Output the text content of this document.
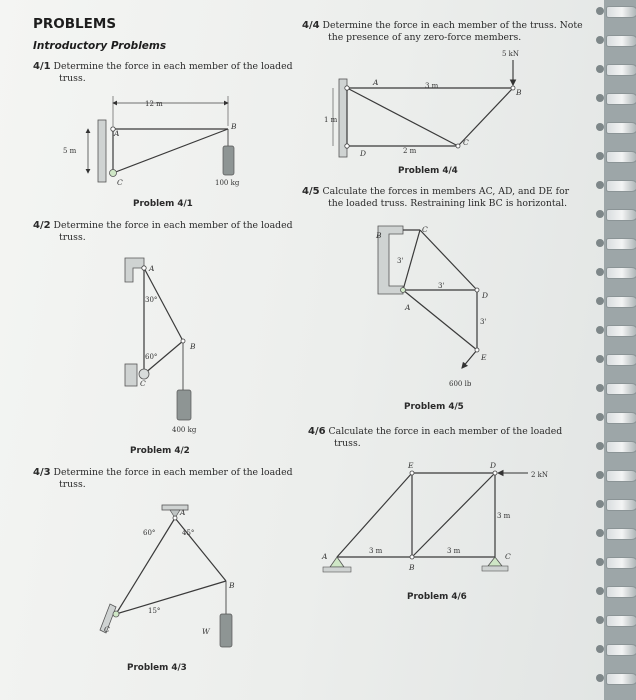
PROBLEMS
Introductory Problems
4/1 Determine the force in each member of the loaded
truss.
Problem 4/1
4/2 Determine the force in each member of the loaded
truss.
Problem 4/2
4/3 Determine the force in each member of the loaded
truss.
Problem 4/3
4/4 Determine the force in each member of the truss. Note
the presence of any zero-force members.
Problem 4/4
4/5 Calculate the forces in members AC, AD, and DE for
the loaded truss. Restraining link BC is horizontal.
Problem 4/5
4/6 Calculate the force in each member of the loaded
truss.
Problem 4/6
12 m
5 m
A
B
C	100 kg
A
B
C
30°
60°
400 kg
A
B
C
60°	45°
15°
W
5 kN
3 m
1 m
2 m
A
B
C
D
B
C
A
D
E
3'
3'
3'
600 lb
A
B
C
D
E
2 kN
3 m
3 m	3 m
